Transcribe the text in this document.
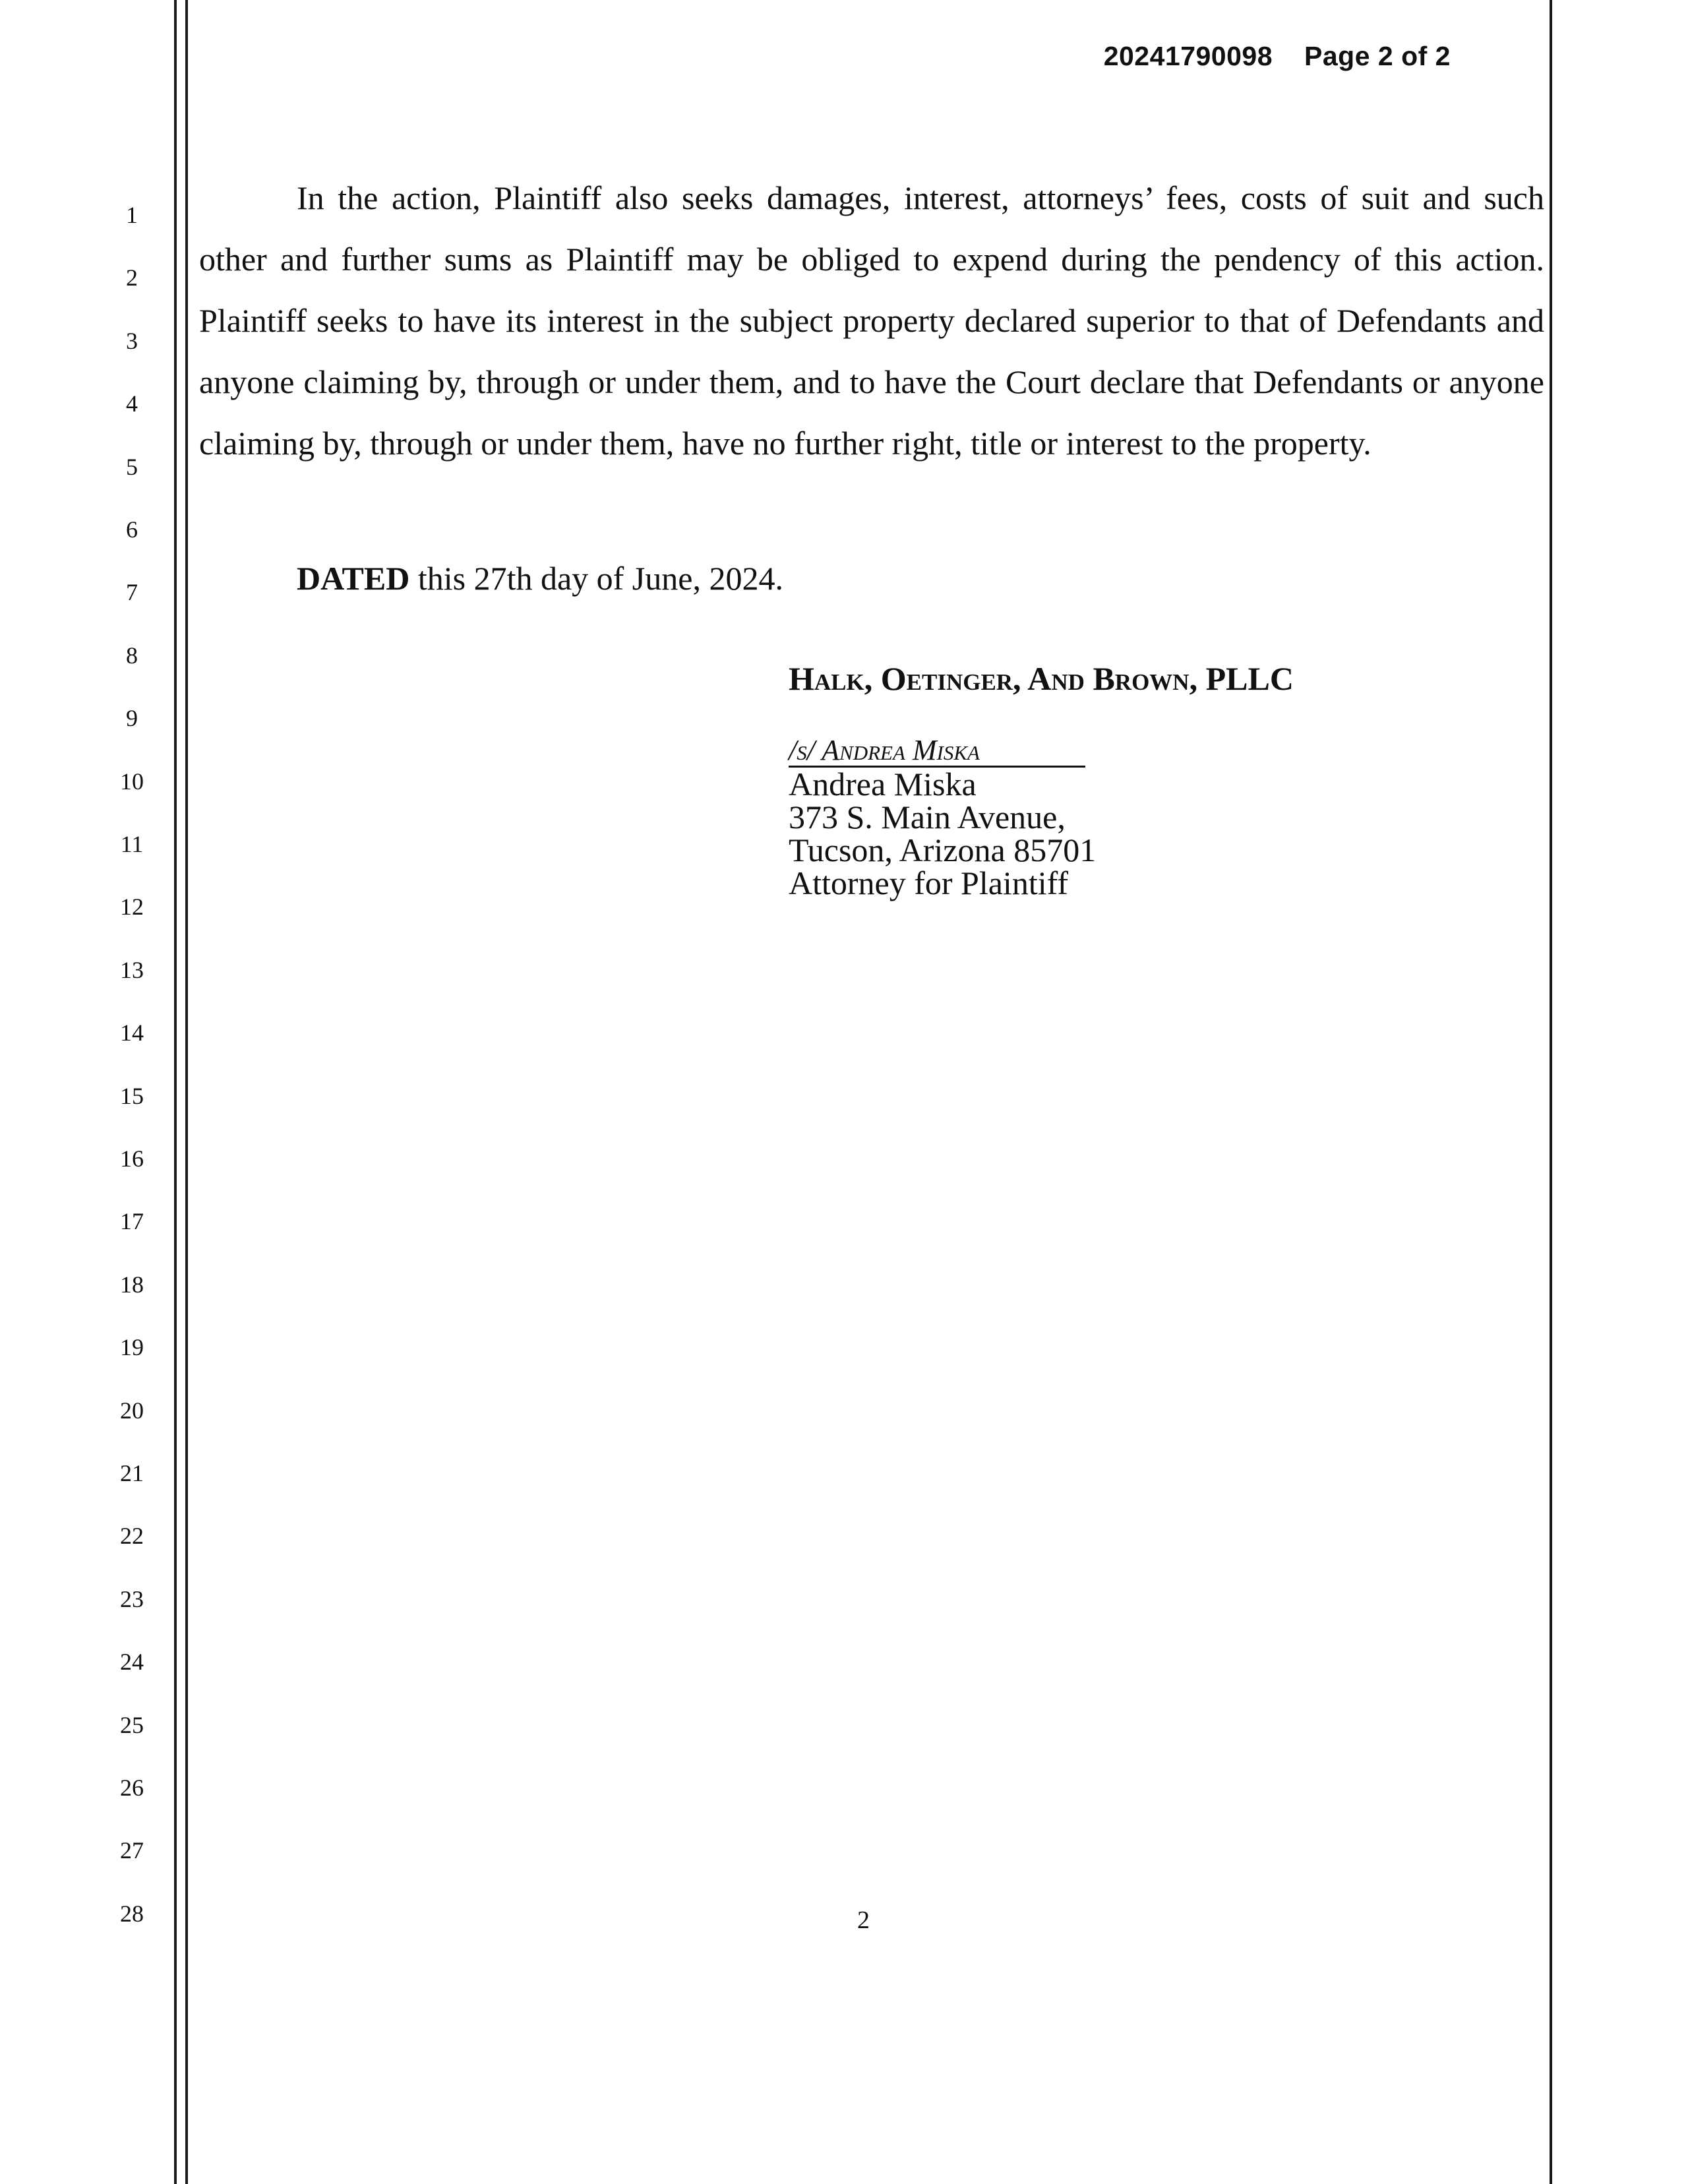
20241790098 Page 2 of 2
1
2
3
4
5
6
7
8
9
10
11
12
13
14
15
16
17
18
19
20
21
22
23
24
25
26
27
28

In the action, Plaintiff also seeks damages, interest, attorneys’ fees, costs of suit and such other and further sums as Plaintiff may be obliged to expend during the pendency of this action. Plaintiff seeks to have its interest in the subject property declared superior to that of Defendants and anyone claiming by, through or under them, and to have the Court declare that Defendants or anyone claiming by, through or under them, have no further right, title or interest to the property.

DATED this 27th day of June, 2024.
Halk, Oetinger, And Brown, PLLC
/s/ Andrea Miska
Andrea Miska
373 S. Main Avenue,
Tucson, Arizona 85701
Attorney for Plaintiff
2
